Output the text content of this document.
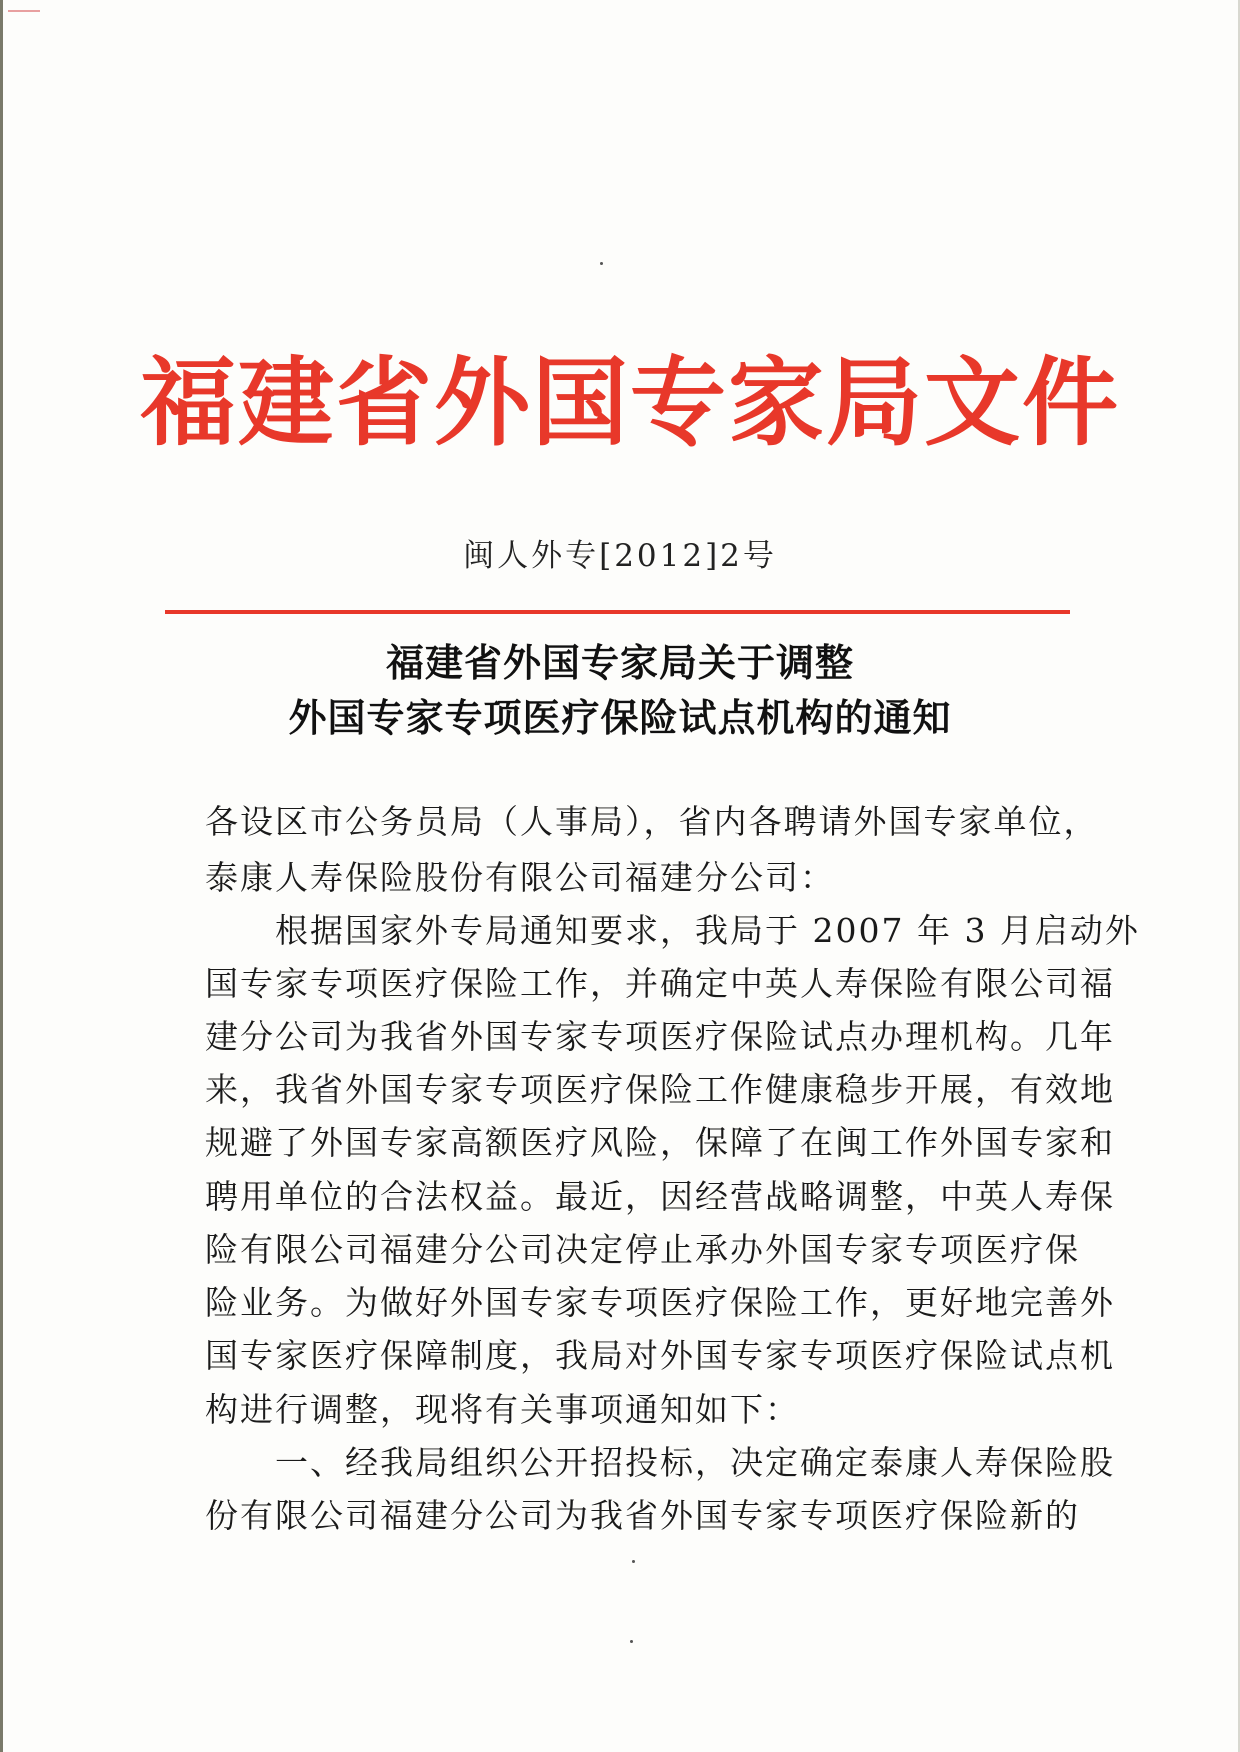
福建省外国专家局文件
闽人外专[2012]2号
福建省外国专家局关于调整
外国专家专项医疗保险试点机构的通知
各设区市公务员局（人事局），省内各聘请外国专家单位，
泰康人寿保险股份有限公司福建分公司：
　　根据国家外专局通知要求，我局于 2007 年 3 月启动外
国专家专项医疗保险工作，并确定中英人寿保险有限公司福
建分公司为我省外国专家专项医疗保险试点办理机构。几年
来，我省外国专家专项医疗保险工作健康稳步开展，有效地
规避了外国专家高额医疗风险，保障了在闽工作外国专家和
聘用单位的合法权益。最近，因经营战略调整，中英人寿保
险有限公司福建分公司决定停止承办外国专家专项医疗保
险业务。为做好外国专家专项医疗保险工作，更好地完善外
国专家医疗保障制度，我局对外国专家专项医疗保险试点机
构进行调整，现将有关事项通知如下：
　　一、经我局组织公开招投标，决定确定泰康人寿保险股
份有限公司福建分公司为我省外国专家专项医疗保险新的
